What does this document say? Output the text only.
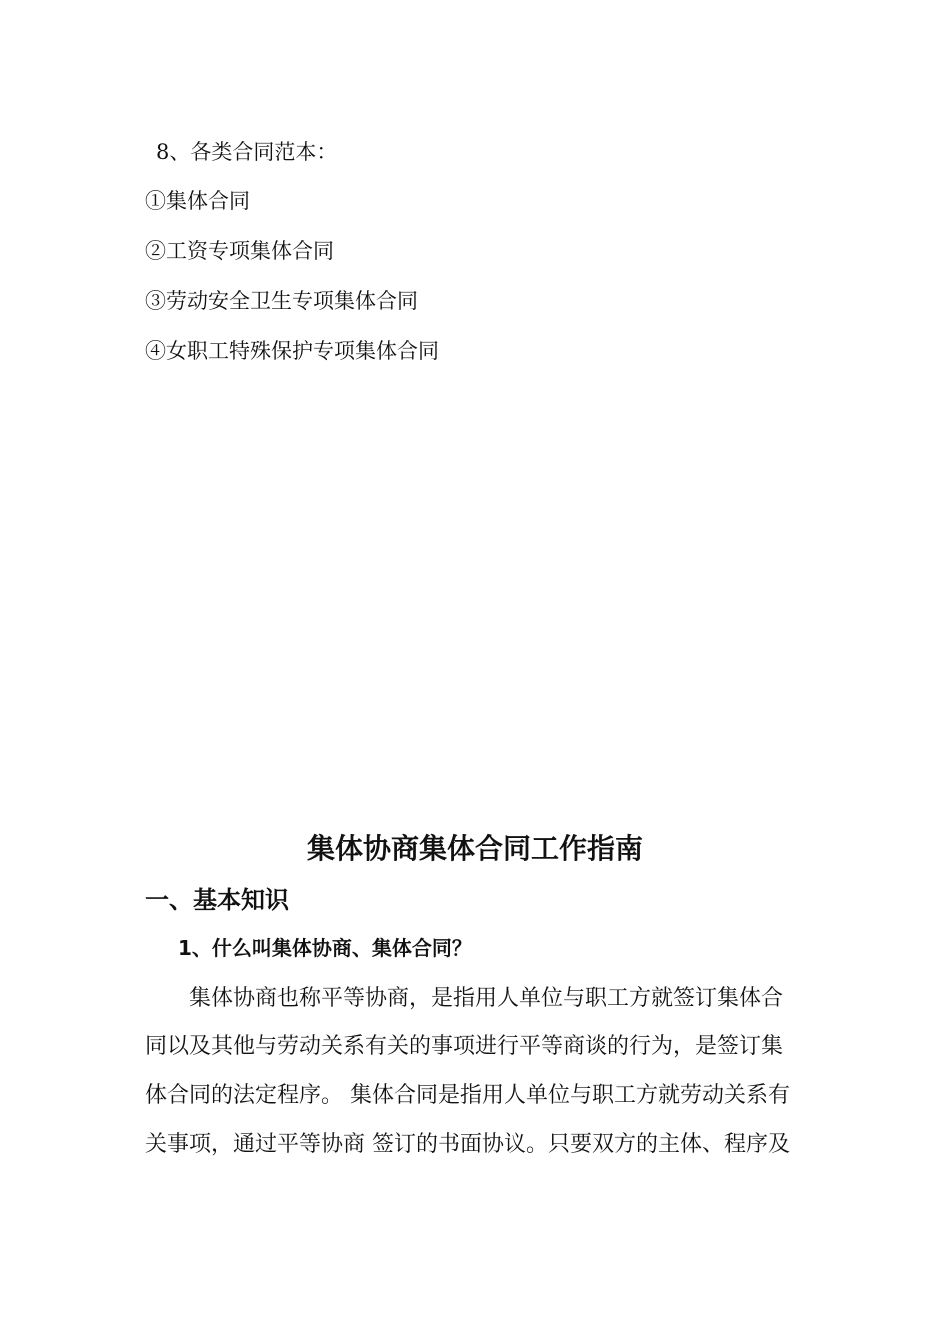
8、各类合同范本：
①集体合同
②工资专项集体合同
③劳动安全卫生专项集体合同
④女职工特殊保护专项集体合同
集体协商集体合同工作指南
一、基本知识
1、什么叫集体协商、集体合同？
集体协商也称平等协商，是指用人单位与职工方就签订集体合
同以及其他与劳动关系有关的事项进行平等商谈的行为，是签订集
体合同的法定程序。 集体合同是指用人单位与职工方就劳动关系有
关事项，通过平等协商 签订的书面协议。只要双方的主体、程序及
